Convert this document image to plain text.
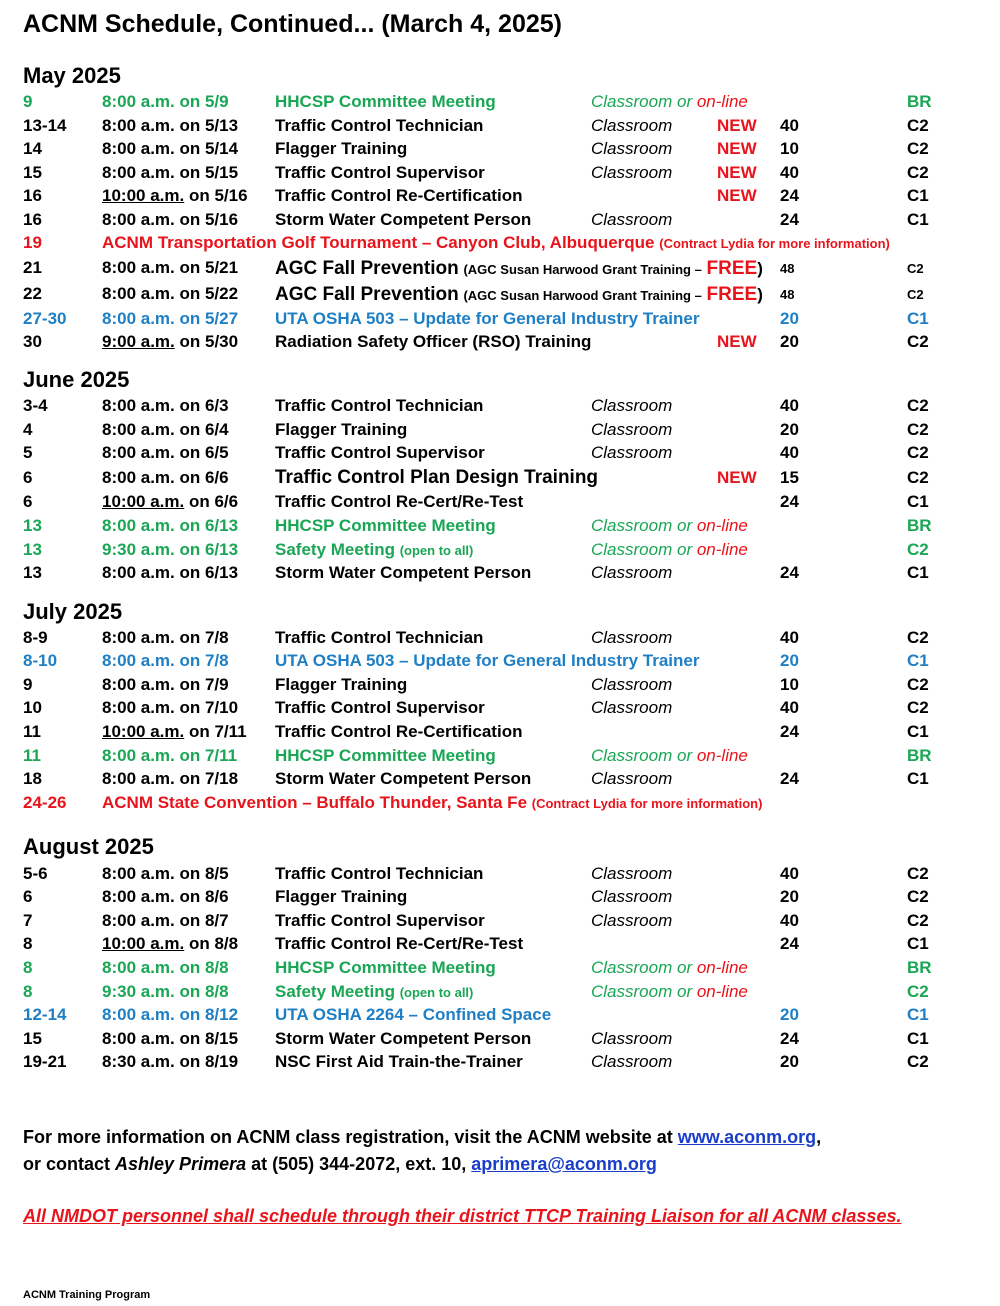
ACNM Schedule, Continued... (March 4, 2025)
May 2025
9	8:00 a.m. on 5/9	HHCSP Committee Meeting	Classroom or on-line	BR
13-14 8:00 a.m. on 5/13 Traffic Control Technician	Classroom	NEW 40	C2
14	8:00 a.m. on 5/14 Flagger Training	Classroom	NEW 10	C2
15	8:00 a.m. on 5/15 Traffic Control Supervisor	Classroom	NEW 40	C2
16	10:00 a.m. on 5/16 Traffic Control Re-Certification	NEW 24	C1
16	8:00 a.m. on 5/16 Storm Water Competent Person	Classroom	24	C1
19	ACNM Transportation Golf Tournament – Canyon Club, Albuquerque (Contract Lydia for more information)
21	8:00 a.m. on 5/21 AGC Fall Prevention (AGC Susan Harwood Grant Training – FREE) 48	C2
22	8:00 a.m. on 5/22 AGC Fall Prevention (AGC Susan Harwood Grant Training – FREE) 48	C2
27-30 8:00 a.m. on 5/27 UTA OSHA 503 – Update for General Industry Trainer	20	C1
30	9:00 a.m. on 5/30 Radiation Safety Officer (RSO) Training	NEW 20	C2
June 2025
3-4	8:00 a.m. on 6/3	Traffic Control Technician	Classroom	40	C2
4	8:00 a.m. on 6/4	Flagger Training	Classroom	20	C2
5	8:00 a.m. on 6/5	Traffic Control Supervisor	Classroom	40	C2
6	8:00 a.m. on 6/6 Traffic Control Plan Design Training	NEW 15	C2
6	10:00 a.m. on 6/6 Traffic Control Re-Cert/Re-Test	24	C1
13	8:00 a.m. on 6/13 HHCSP Committee Meeting	Classroom or on-line	BR
13	9:30 a.m. on 6/13 Safety Meeting (open to all)	Classroom or on-line	C2
13	8:00 a.m. on 6/13 Storm Water Competent Person	Classroom	24	C1
July 2025
8-9	8:00 a.m. on 7/8	Traffic Control Technician	Classroom	40	C2
8-10	8:00 a.m. on 7/8	UTA OSHA 503 – Update for General Industry Trainer	20	C1
9	8:00 a.m. on 7/9	Flagger Training	Classroom	10	C2
10	8:00 a.m. on 7/10 Traffic Control Supervisor	Classroom	40	C2
11	10:00 a.m. on 7/11 Traffic Control Re-Certification	24	C1
11	8:00 a.m. on 7/11 HHCSP Committee Meeting	Classroom or on-line	BR
18	8:00 a.m. on 7/18 Storm Water Competent Person	Classroom	24	C1
24-26 ACNM State Convention – Buffalo Thunder, Santa Fe (Contract Lydia for more information)
August 2025
5-6	8:00 a.m. on 8/5	Traffic Control Technician	Classroom	40	C2
6	8:00 a.m. on 8/6	Flagger Training	Classroom	20	C2
7	8:00 a.m. on 8/7	Traffic Control Supervisor	Classroom	40	C2
8	10:00 a.m. on 8/8 Traffic Control Re-Cert/Re-Test	24	C1
8	8:00 a.m. on 8/8	HHCSP Committee Meeting	Classroom or on-line	BR
8	9:30 a.m. on 8/8	Safety Meeting (open to all)	Classroom or on-line	C2
12-14 8:00 a.m. on 8/12 UTA OSHA 2264 – Confined Space	20	C1
15	8:00 a.m. on 8/15 Storm Water Competent Person	Classroom	24	C1
19-21 8:30 a.m. on 8/19 NSC First Aid Train-the-Trainer	Classroom	20	C2
For more information on ACNM class registration, visit the ACNM website at www.aconm.org,
or contact Ashley Primera at (505) 344-2072, ext. 10, aprimera@aconm.org
All NMDOT personnel shall schedule through their district TTCP Training Liaison for all ACNM classes.
ACNM Training Program
